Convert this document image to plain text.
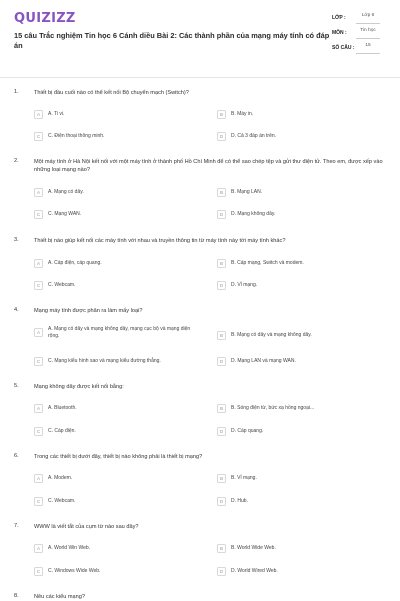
QUIZIZZ
15 câu Trắc nghiệm Tin học 6 Cánh diều Bài 2: Các thành phần của mạng máy tính có đáp án
LỚP :	Lớp 6
MÔN :	Tin học
SỐ CÂU :	15
1.	Thiết bị đầu cuối nào có thể kết nối Bộ chuyển mạch (Switch)?
A	A. Ti vi.	B	B. Máy in.
C	C. Điện thoại thông minh.	D	D. Cả 3 đáp án trên.
2.	Một máy tính ở Hà Nội kết nối với một máy tính ở thành phố Hồ Chí Minh để có thể sao chép tệp và gửi thư điện tử. Theo em, được xếp vào những loại mạng nào?
A	A. Mạng có dây.	B	B. Mạng LAN.
C	C. Mạng WAN.	D	D. Mạng không dây.
3.	Thiết bị nào giúp kết nối các máy tính với nhau và truyền thông tin từ máy tính này tới máy tính khác?
A	A. Cáp điện, cáp quang.	B	B. Cáp mạng, Switch và modem.
C	C. Webcam.	D	D. Vỉ mạng.
4.	Mạng máy tính được phân ra làm mấy loại?
A
A. Mạng có dây và mạng không dây, mạng cục bộ và mạng diện rộng.	B	B. Mạng có dây và mạng không dây.
C	C. Mạng kiểu hình sao và mạng kiểu đường thẳng.	D	D. Mạng LAN và mạng WAN.
5.	Mạng không dây được kết nối bằng:
A	A. Bluetooth.	B	B. Sóng điện từ, bức xạ hồng ngoại...
C	C. Cáp điện.	D	D. Cáp quang.
6.	Trong các thiết bị dưới đây, thiết bị nào không phải là thiết bị mạng?
A	A. Modem.	B	B. Vỉ mạng.
C	C. Webcam.	D	D. Hub.
7.	WWW là viết tắt của cụm từ nào sau đây?
A	A. World Win Web.	B	B. World Wide Web.
C	C. Windows Wide Web.	D	D. World Wired Web.
8.	Nêu các kiểu mạng?
